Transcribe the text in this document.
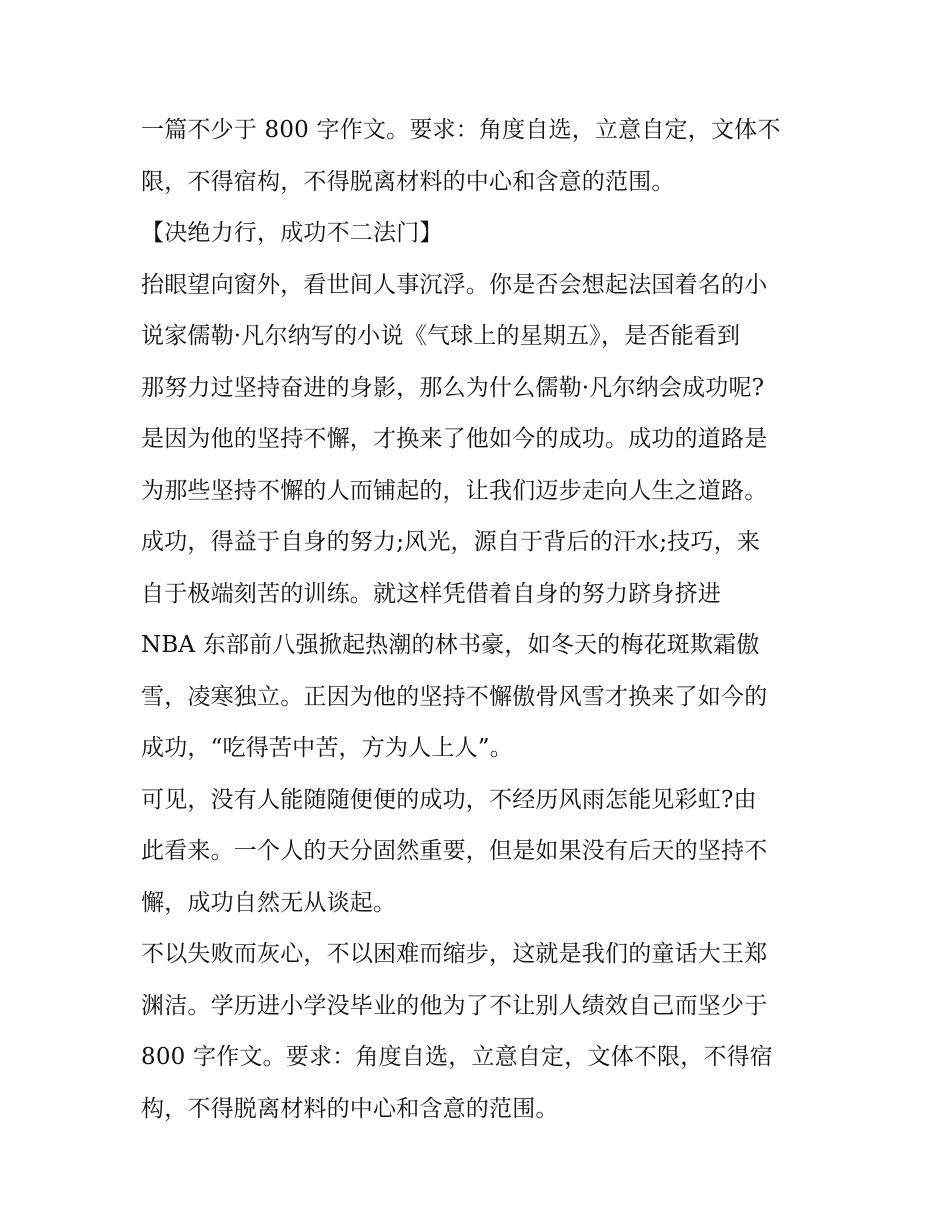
一篇不少于 800 字作文。要求：角度自选，立意自定，文体不
限，不得宿构，不得脱离材料的中心和含意的范围。
【决绝力行，成功不二法门】
抬眼望向窗外，看世间人事沉浮。你是否会想起法国着名的小
说家儒勒·凡尔纳写的小说《气球上的星期五》，是否能看到
那努力过坚持奋进的身影，那么为什么儒勒·凡尔纳会成功呢?
是因为他的坚持不懈，才换来了他如今的成功。成功的道路是
为那些坚持不懈的人而铺起的，让我们迈步走向人生之道路。
成功，得益于自身的努力;风光，源自于背后的汗水;技巧，来
自于极端刻苦的训练。就这样凭借着自身的努力跻身挤进
NBA 东部前八强掀起热潮的林书豪，如冬天的梅花斑欺霜傲
雪，凌寒独立。正因为他的坚持不懈傲骨风雪才换来了如今的
成功，“吃得苦中苦，方为人上人”。
可见，没有人能随随便便的成功，不经历风雨怎能见彩虹?由
此看来。一个人的天分固然重要，但是如果没有后天的坚持不
懈，成功自然无从谈起。
不以失败而灰心，不以困难而缩步，这就是我们的童话大王郑
渊洁。学历进小学没毕业的他为了不让别人绩效自己而坚少于
800 字作文。要求：角度自选，立意自定，文体不限，不得宿
构，不得脱离材料的中心和含意的范围。
